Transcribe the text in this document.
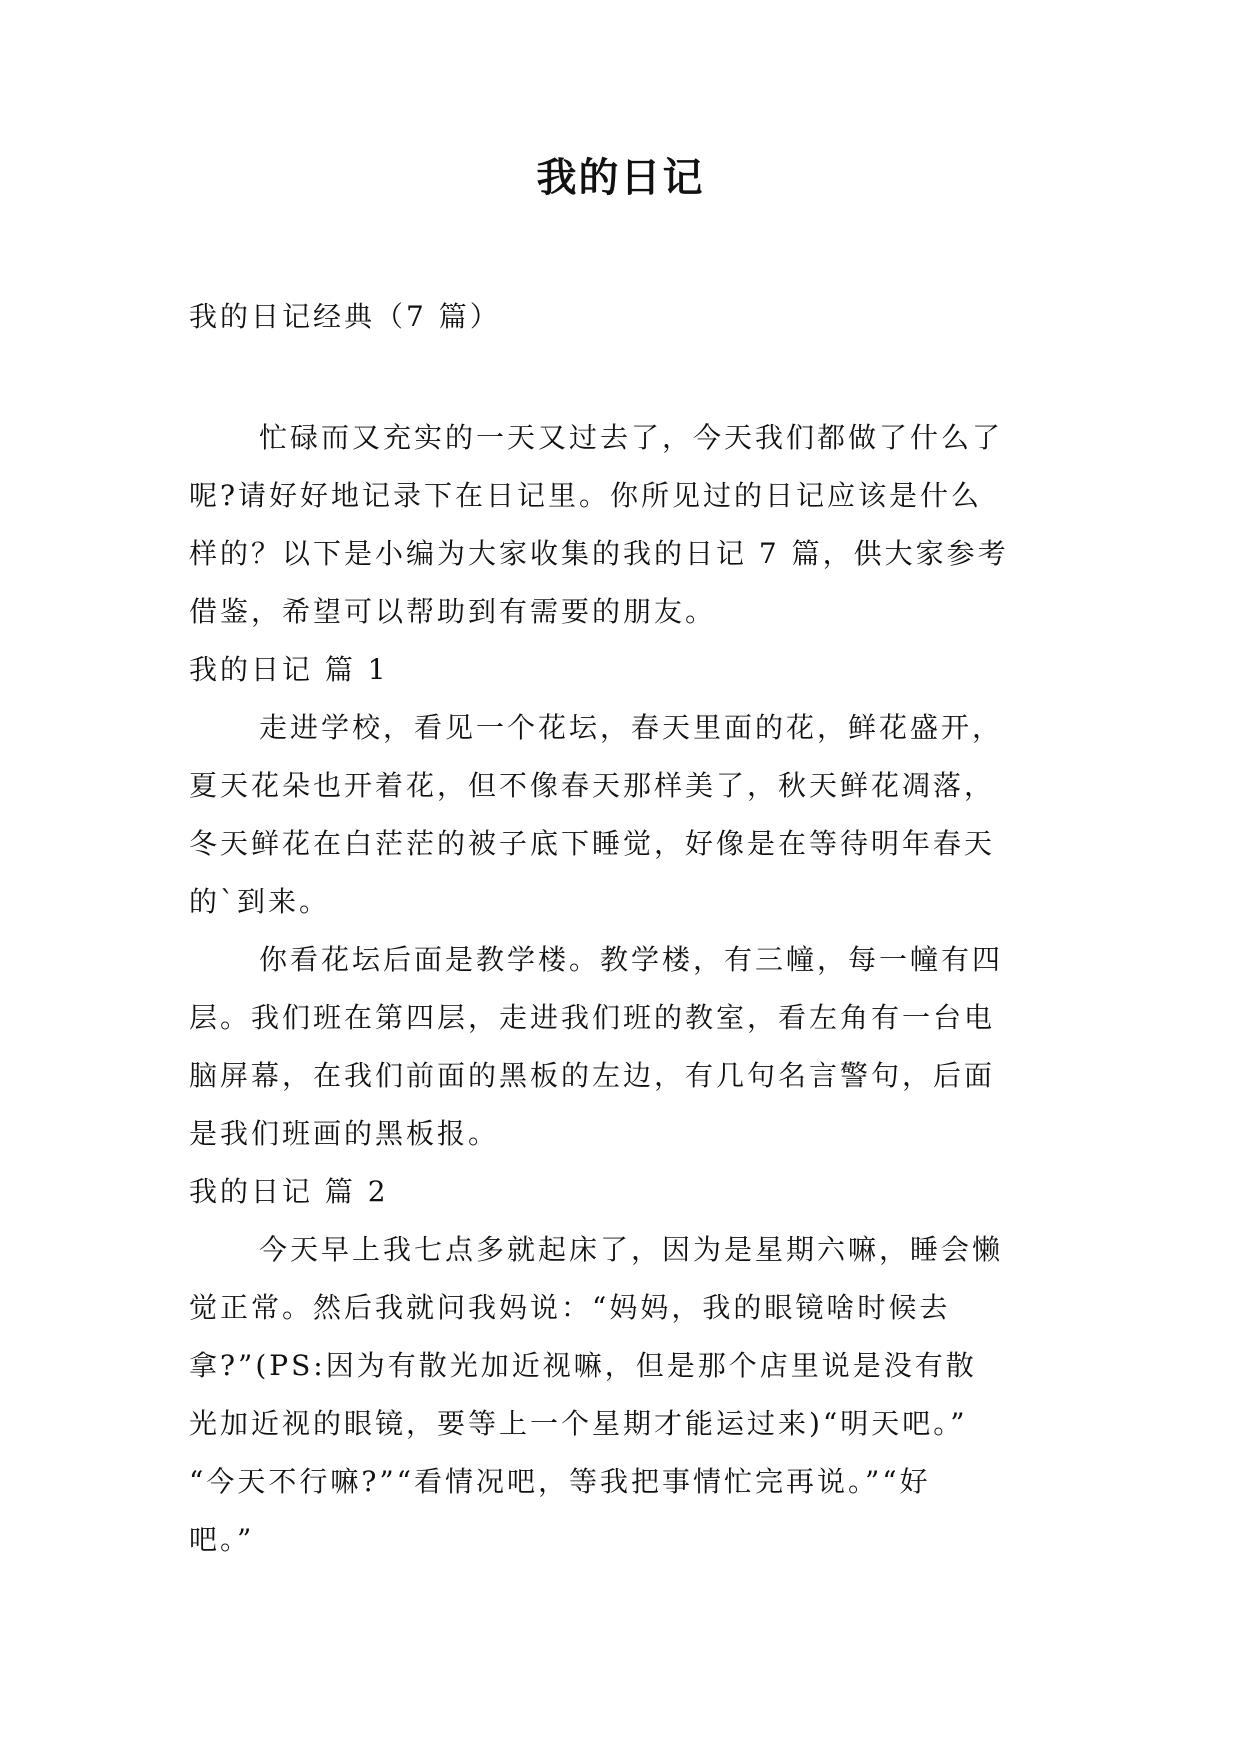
我的日记
我的日记经典（7 篇）
忙碌而又充实的一天又过去了，今天我们都做了什么了
呢?请好好地记录下在日记里。你所见过的日记应该是什么
样的？以下是小编为大家收集的我的日记 7 篇，供大家参考
借鉴，希望可以帮助到有需要的朋友。
我的日记 篇 1
走进学校，看见一个花坛，春天里面的花，鲜花盛开，
夏天花朵也开着花，但不像春天那样美了，秋天鲜花凋落，
冬天鲜花在白茫茫的被子底下睡觉，好像是在等待明年春天
的`到来。
你看花坛后面是教学楼。教学楼，有三幢，每一幢有四
层。我们班在第四层，走进我们班的教室，看左角有一台电
脑屏幕，在我们前面的黑板的左边，有几句名言警句，后面
是我们班画的黑板报。
我的日记 篇 2
今天早上我七点多就起床了，因为是星期六嘛，睡会懒
觉正常。然后我就问我妈说：“妈妈，我的眼镜啥时候去
拿?”(PS:因为有散光加近视嘛，但是那个店里说是没有散
光加近视的眼镜，要等上一个星期才能运过来)“明天吧。”
“今天不行嘛?”“看情况吧，等我把事情忙完再说。”“好
吧。”
